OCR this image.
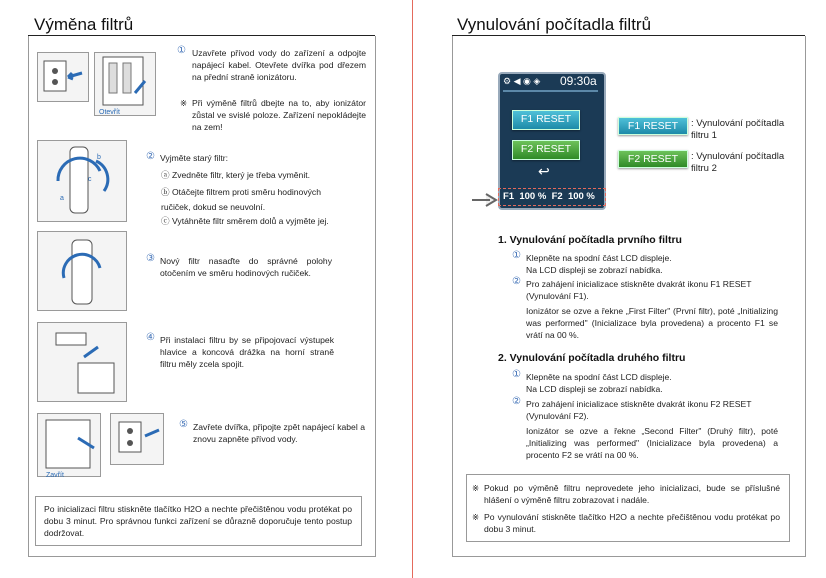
Výměna filtrů
Otevřít
① Uzavřete přívod vody do zařízení a odpojte napájecí kabel. Otevřete dvířka pod dřezem na přední straně ionizátoru.
※ Při výměně filtrů dbejte na to, aby ionizátor zůstal ve svislé poloze. Zařízení nepokládejte na zem!
b
a
c
② Vyjměte starý filtr:
ⓐ Zvedněte filtr, který je třeba vyměnit.
ⓑ Otáčejte filtrem proti směru hodinových ručiček, dokud se neuvolní.
ⓒ Vytáhněte filtr směrem dolů a vyjměte jej.
③ Nový filtr nasaďte do správné polohy otočením ve směru hodinových ručiček.
④ Při instalaci filtru by se připojovací výstupek hlavice a koncová drážka na horní straně filtru měly zcela spojit.
Zavřít
⑤ Zavřete dvířka, připojte zpět napájecí kabel a znovu zapněte přívod vody.
Po inicializaci filtru stiskněte tlačítko H2O a nechte přečištěnou vodu protékat po dobu 3 minut. Pro správnou funkci zařízení se důrazně doporučuje tento postup dodržovat.
Vynulování počítadla filtrů
⚙ ◀ ◉ ◈ 09:30a
F1 RESET
F2 RESET
↩
F1  100 %  F2  100 %
F1 RESET	: Vynulování počítadla filtru 1
F2 RESET	: Vynulování počítadla filtru 2
1. Vynulování počítadla prvního filtru
① Klepněte na spodní část LCD displeje.
Na LCD displeji se zobrazí nabídka.
② Pro zahájení inicializace stiskněte dvakrát ikonu F1 RESET (Vynulování F1).
Ionizátor se ozve a řekne „First Filter" (První filtr), poté „Initializing was performed" (Inicializace byla provedena) a procento F1 se vrátí na 00 %.
2. Vynulování počítadla druhého filtru
① Klepněte na spodní část LCD displeje.
Na LCD displeji se zobrazí nabídka.
② Pro zahájení inicializace stiskněte dvakrát ikonu F2 RESET (Vynulování F2).
Ionizátor se ozve a řekne „Second Filter" (Druhý filtr), poté „Initializing was performed" (Inicializace byla provedena) a procento F2 se vrátí na 00 %.
※ Pokud po výměně filtru neprovedete jeho inicializaci, bude se příslušné hlášení o výměně filtru zobrazovat i nadále.
※ Po vynulování stiskněte tlačítko H2O a nechte přečištěnou vodu protékat po dobu 3 minut.
